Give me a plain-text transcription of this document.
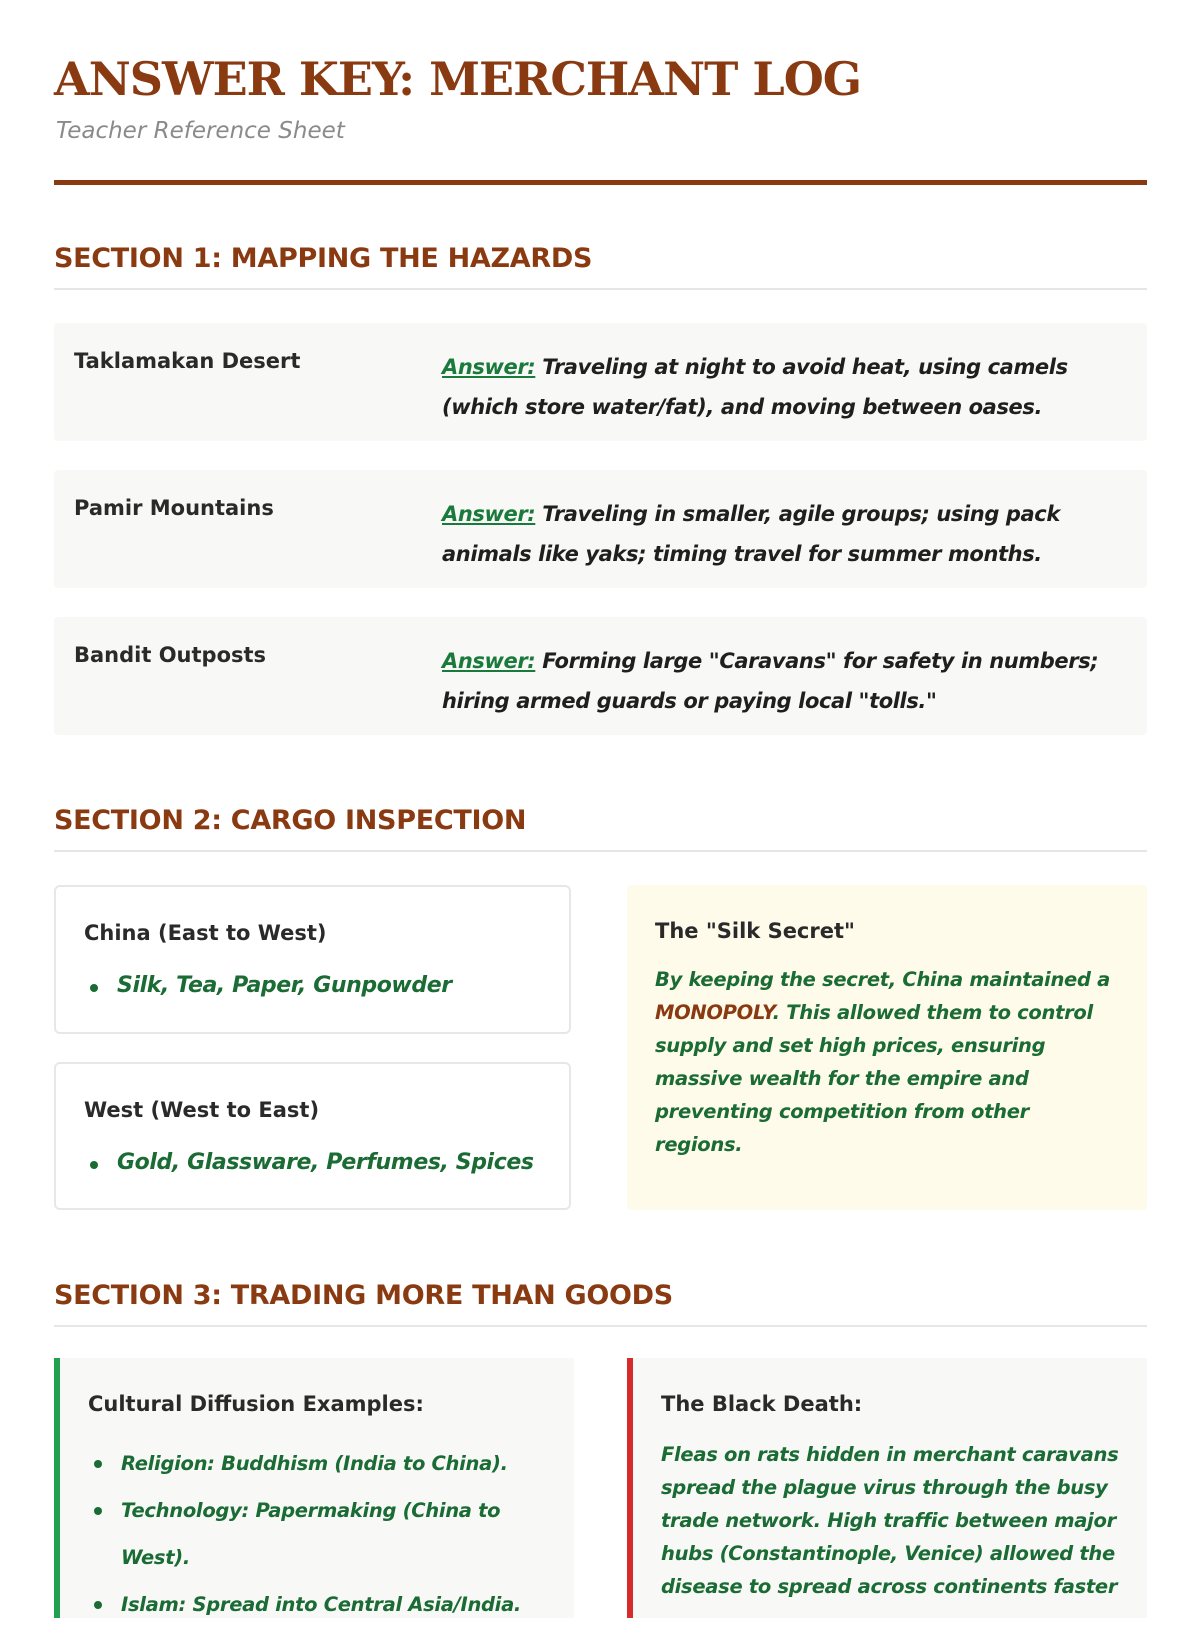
ANSWER KEY: MERCHANT LOG
Teacher Reference Sheet
SECTION 1: MAPPING THE HAZARDS
Taklamakan Desert	Answer: Traveling at night to avoid heat, using camels (which store water/fat), and moving between oases.
Pamir Mountains	Answer: Traveling in smaller, agile groups; using pack animals like yaks; timing travel for summer months.
Bandit Outposts	Answer: Forming large "Caravans" for safety in numbers; hiring armed guards or paying local "tolls."
SECTION 2: CARGO INSPECTION
China (East to West)
Silk, Tea, Paper, Gunpowder
West (West to East)
Gold, Glassware, Perfumes, Spices
The "Silk Secret"
By keeping the secret, China maintained a MONOPOLY. This allowed them to control supply and set high prices, ensuring massive wealth for the empire and preventing competition from other regions.
SECTION 3: TRADING MORE THAN GOODS
Cultural Diffusion Examples:
Religion: Buddhism (India to China).
Technology: Papermaking (China to West).
Islam: Spread into Central Asia/India.
The Black Death:
Fleas on rats hidden in merchant caravans spread the plague virus through the busy trade network. High traffic between major hubs (Constantinople, Venice) allowed the disease to spread across continents faster
